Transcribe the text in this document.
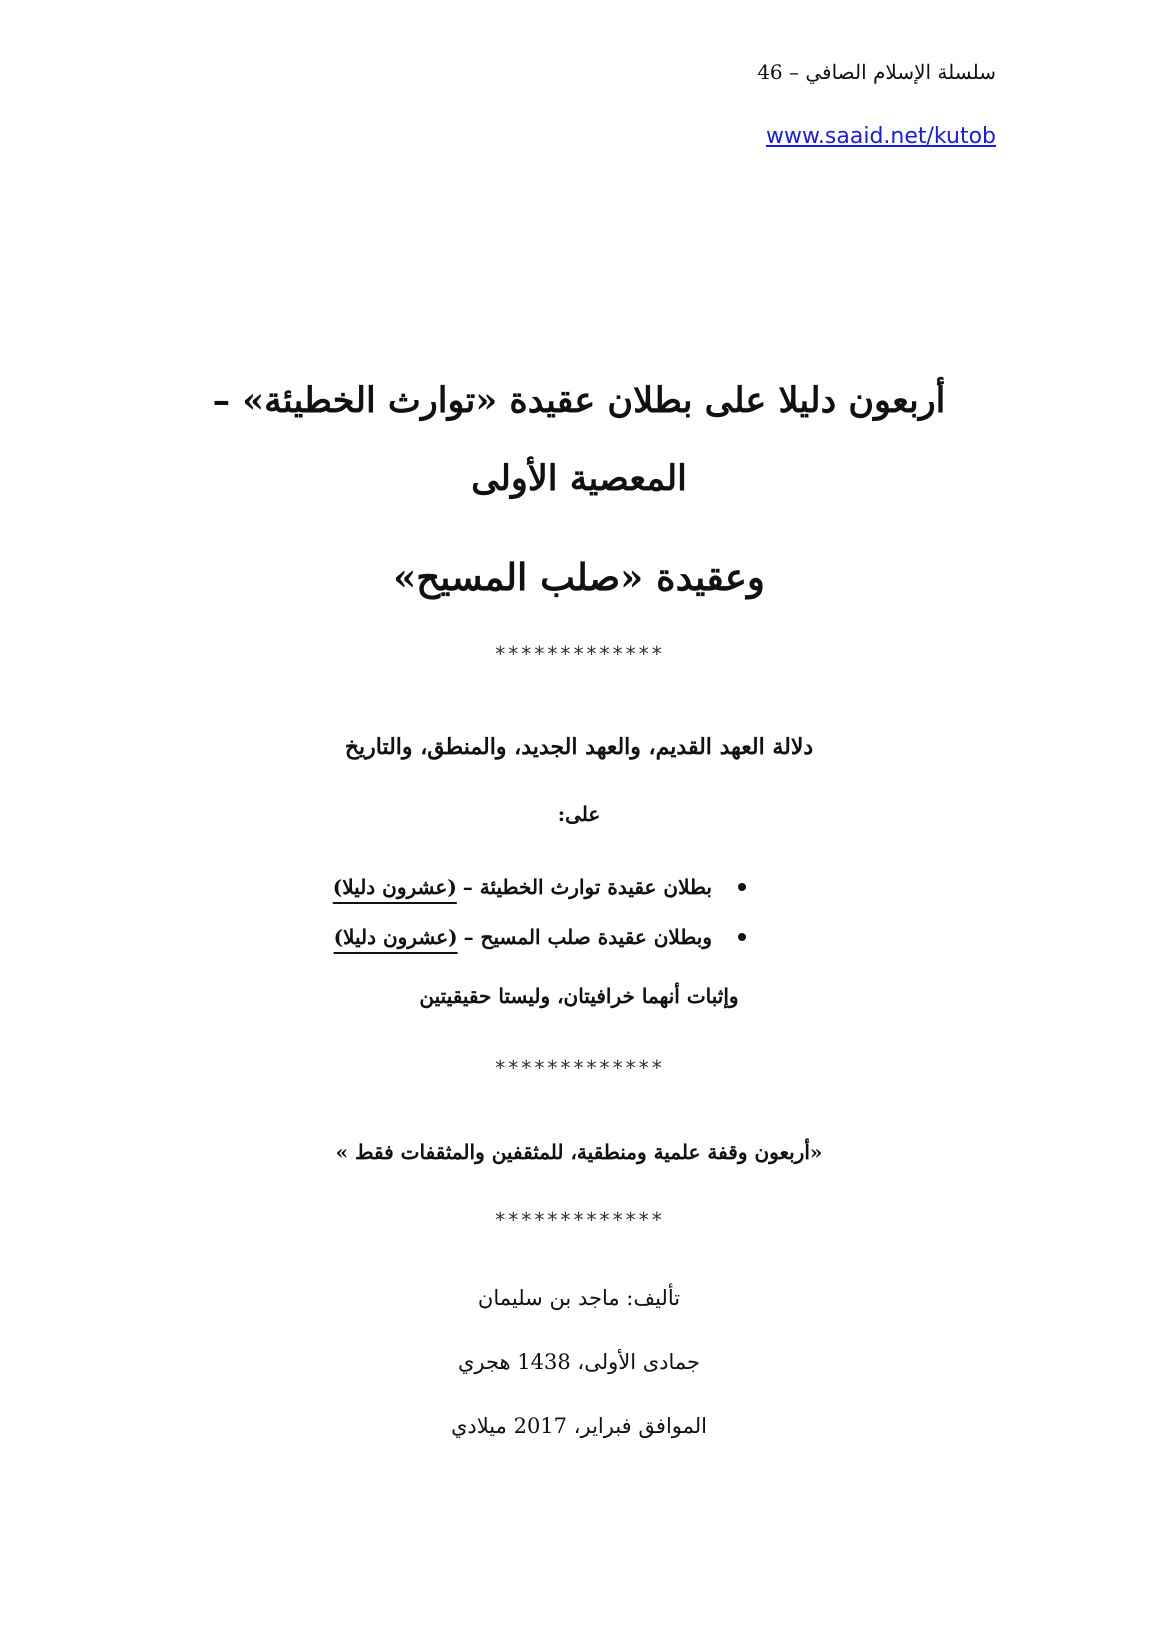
سلسلة الإسلام الصافي – 46
www.saaid.net/kutob
أربعون دليلا على بطلان عقيدة «توارث الخطيئة» – المعصية الأولى
وعقيدة «صلب المسيح»
*************
دلالة العهد القديم، والعهد الجديد، والمنطق، والتاريخ
على:
بطلان عقيدة توارث الخطيئة –
(عشرون دليلا)
وبطلان عقيدة صلب المسيح –
(عشرون دليلا)
وإثبات أنهما خرافيتان، وليستا حقيقيتين
*************
«أربعون وقفة علمية ومنطقية، للمثقفين والمثقفات فقط »
*************
تأليف: ماجد بن سليمان
جمادى الأولى، 1438 هجري
الموافق فبراير، 2017 ميلادي
